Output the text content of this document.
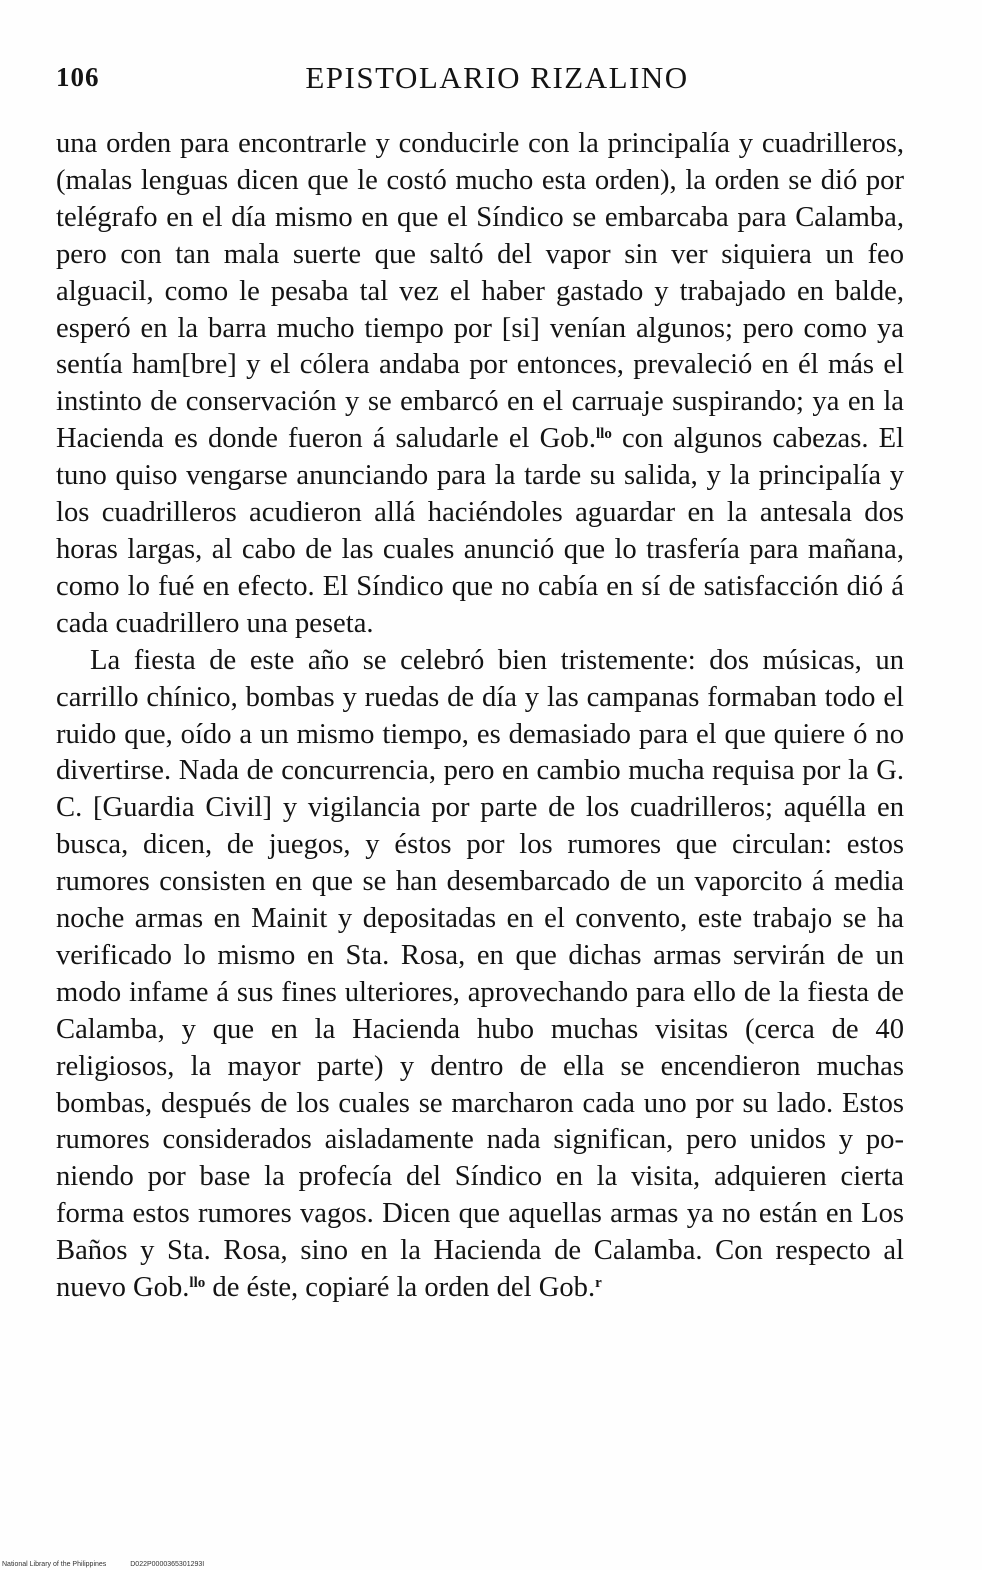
106	EPISTOLARIO RIZALINO

una orden para encontrarle y conducirle con la principalía y cuadrilleros, (malas lenguas dicen que le costó mucho esta orden), la orden se dió por telégrafo en el día mismo en que el Síndico se embarcaba para Calamba, pero con tan mala suerte que saltó del vapor sin ver siquiera un feo alguacil, como le pesaba tal vez el haber gastado y trabajado en balde, esperó en la barra mucho tiempo por [si] venían algunos; pero como ya sentía ham[bre] y el cólera andaba por entonces, prevaleció en él más el instinto de conservación y se embarcó en el carruaje suspirando; ya en la Hacienda es donde fueron á saludarle el Gob.$^{llo}$ con algunos cabezas. El tuno quiso vengarse anunciando para la tarde su salida, y la principalía y los cuadrilleros acudieron allá haciéndoles aguardar en la antesala dos horas largas, al cabo de las cuales anunció que lo trasfería para mañana, como lo fué en efecto. El Síndico que no cabía en sí de satisfacción dió á cada cuadrillero una peseta.

La fiesta de este año se celebró bien tristemente: dos músicas, un carrillo chínico, bombas y ruedas de día y las campanas formaban todo el ruido que, oído a un mismo tiempo, es demasiado para el que quiere ó no divertirse. Nada de concurrencia, pero en cambio mucha requisa por la G. C. [Guardia Civil] y vigilancia por parte de los cuadrilleros; aquélla en busca, dicen, de juegos, y éstos por los rumores que circulan: estos rumores consisten en que se han desembarcado de un vaporcito á media noche armas en Mainit y depositadas en el convento, este trabajo se ha verificado lo mismo en Sta. Rosa, en que dichas armas servirán de un modo infame á sus fines ulteriores, aprovechando para ello de la fiesta de Calamba, y que en la Hacienda hubo muchas visitas (cerca de 40 religiosos, la mayor parte) y dentro de ella se encendieron muchas bombas, después de los cuales se marcharon cada uno por su lado. Estos rumores considerados aisladamente nada significan, pero unidos y poniendo por base la profecía del Síndico en la visita, adquieren cierta forma estos rumores vagos. Dicen que aquellas armas ya no están en Los Baños y Sta. Rosa, sino en la Hacienda de Calamba. Con respecto al nuevo Gob.$^{llo}$ de éste, copiaré la orden del Gob.$^r$

National Library of the Philippines	D022P0000365301293I
